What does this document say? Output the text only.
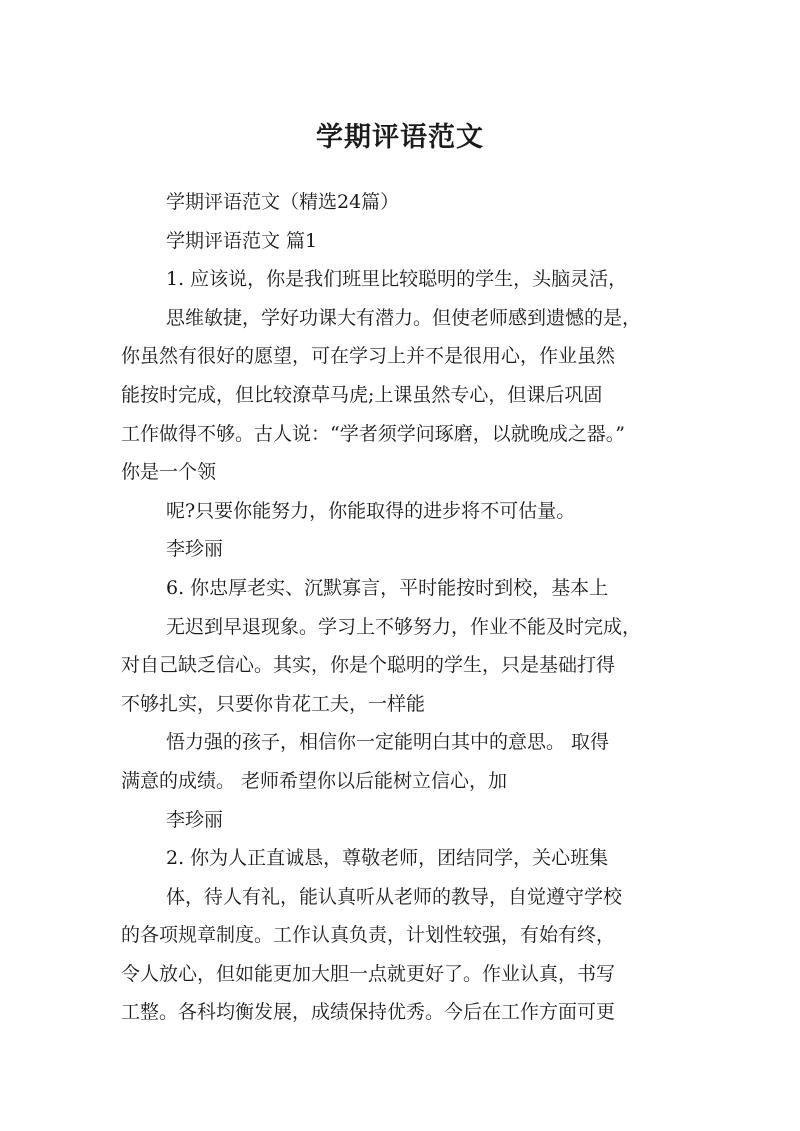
学期评语范文
学期评语范文（精选24篇）
学期评语范文 篇1
1. 应该说，你是我们班里比较聪明的学生，头脑灵活，
思维敏捷，学好功课大有潜力。但使老师感到遗憾的是，
你虽然有很好的愿望，可在学习上并不是很用心，作业虽然
能按时完成，但比较潦草马虎;上课虽然专心，但课后巩固
工作做得不够。古人说：“学者须学问琢磨，以就晚成之器。”
你是一个领
呢?只要你能努力，你能取得的进步将不可估量。
李珍丽
6. 你忠厚老实、沉默寡言，平时能按时到校，基本上
无迟到早退现象。学习上不够努力，作业不能及时完成，
对自己缺乏信心。其实，你是个聪明的学生，只是基础打得
不够扎实，只要你肯花工夫，一样能
悟力强的孩子，相信你一定能明白其中的意思。 取得
满意的成绩。 老师希望你以后能树立信心，加
李珍丽
2. 你为人正直诚恳，尊敬老师，团结同学，关心班集
体，待人有礼，能认真听从老师的教导，自觉遵守学校
的各项规章制度。工作认真负责，计划性较强，有始有终，
令人放心，但如能更加大胆一点就更好了。作业认真，书写
工整。各科均衡发展，成绩保持优秀。今后在工作方面可更
